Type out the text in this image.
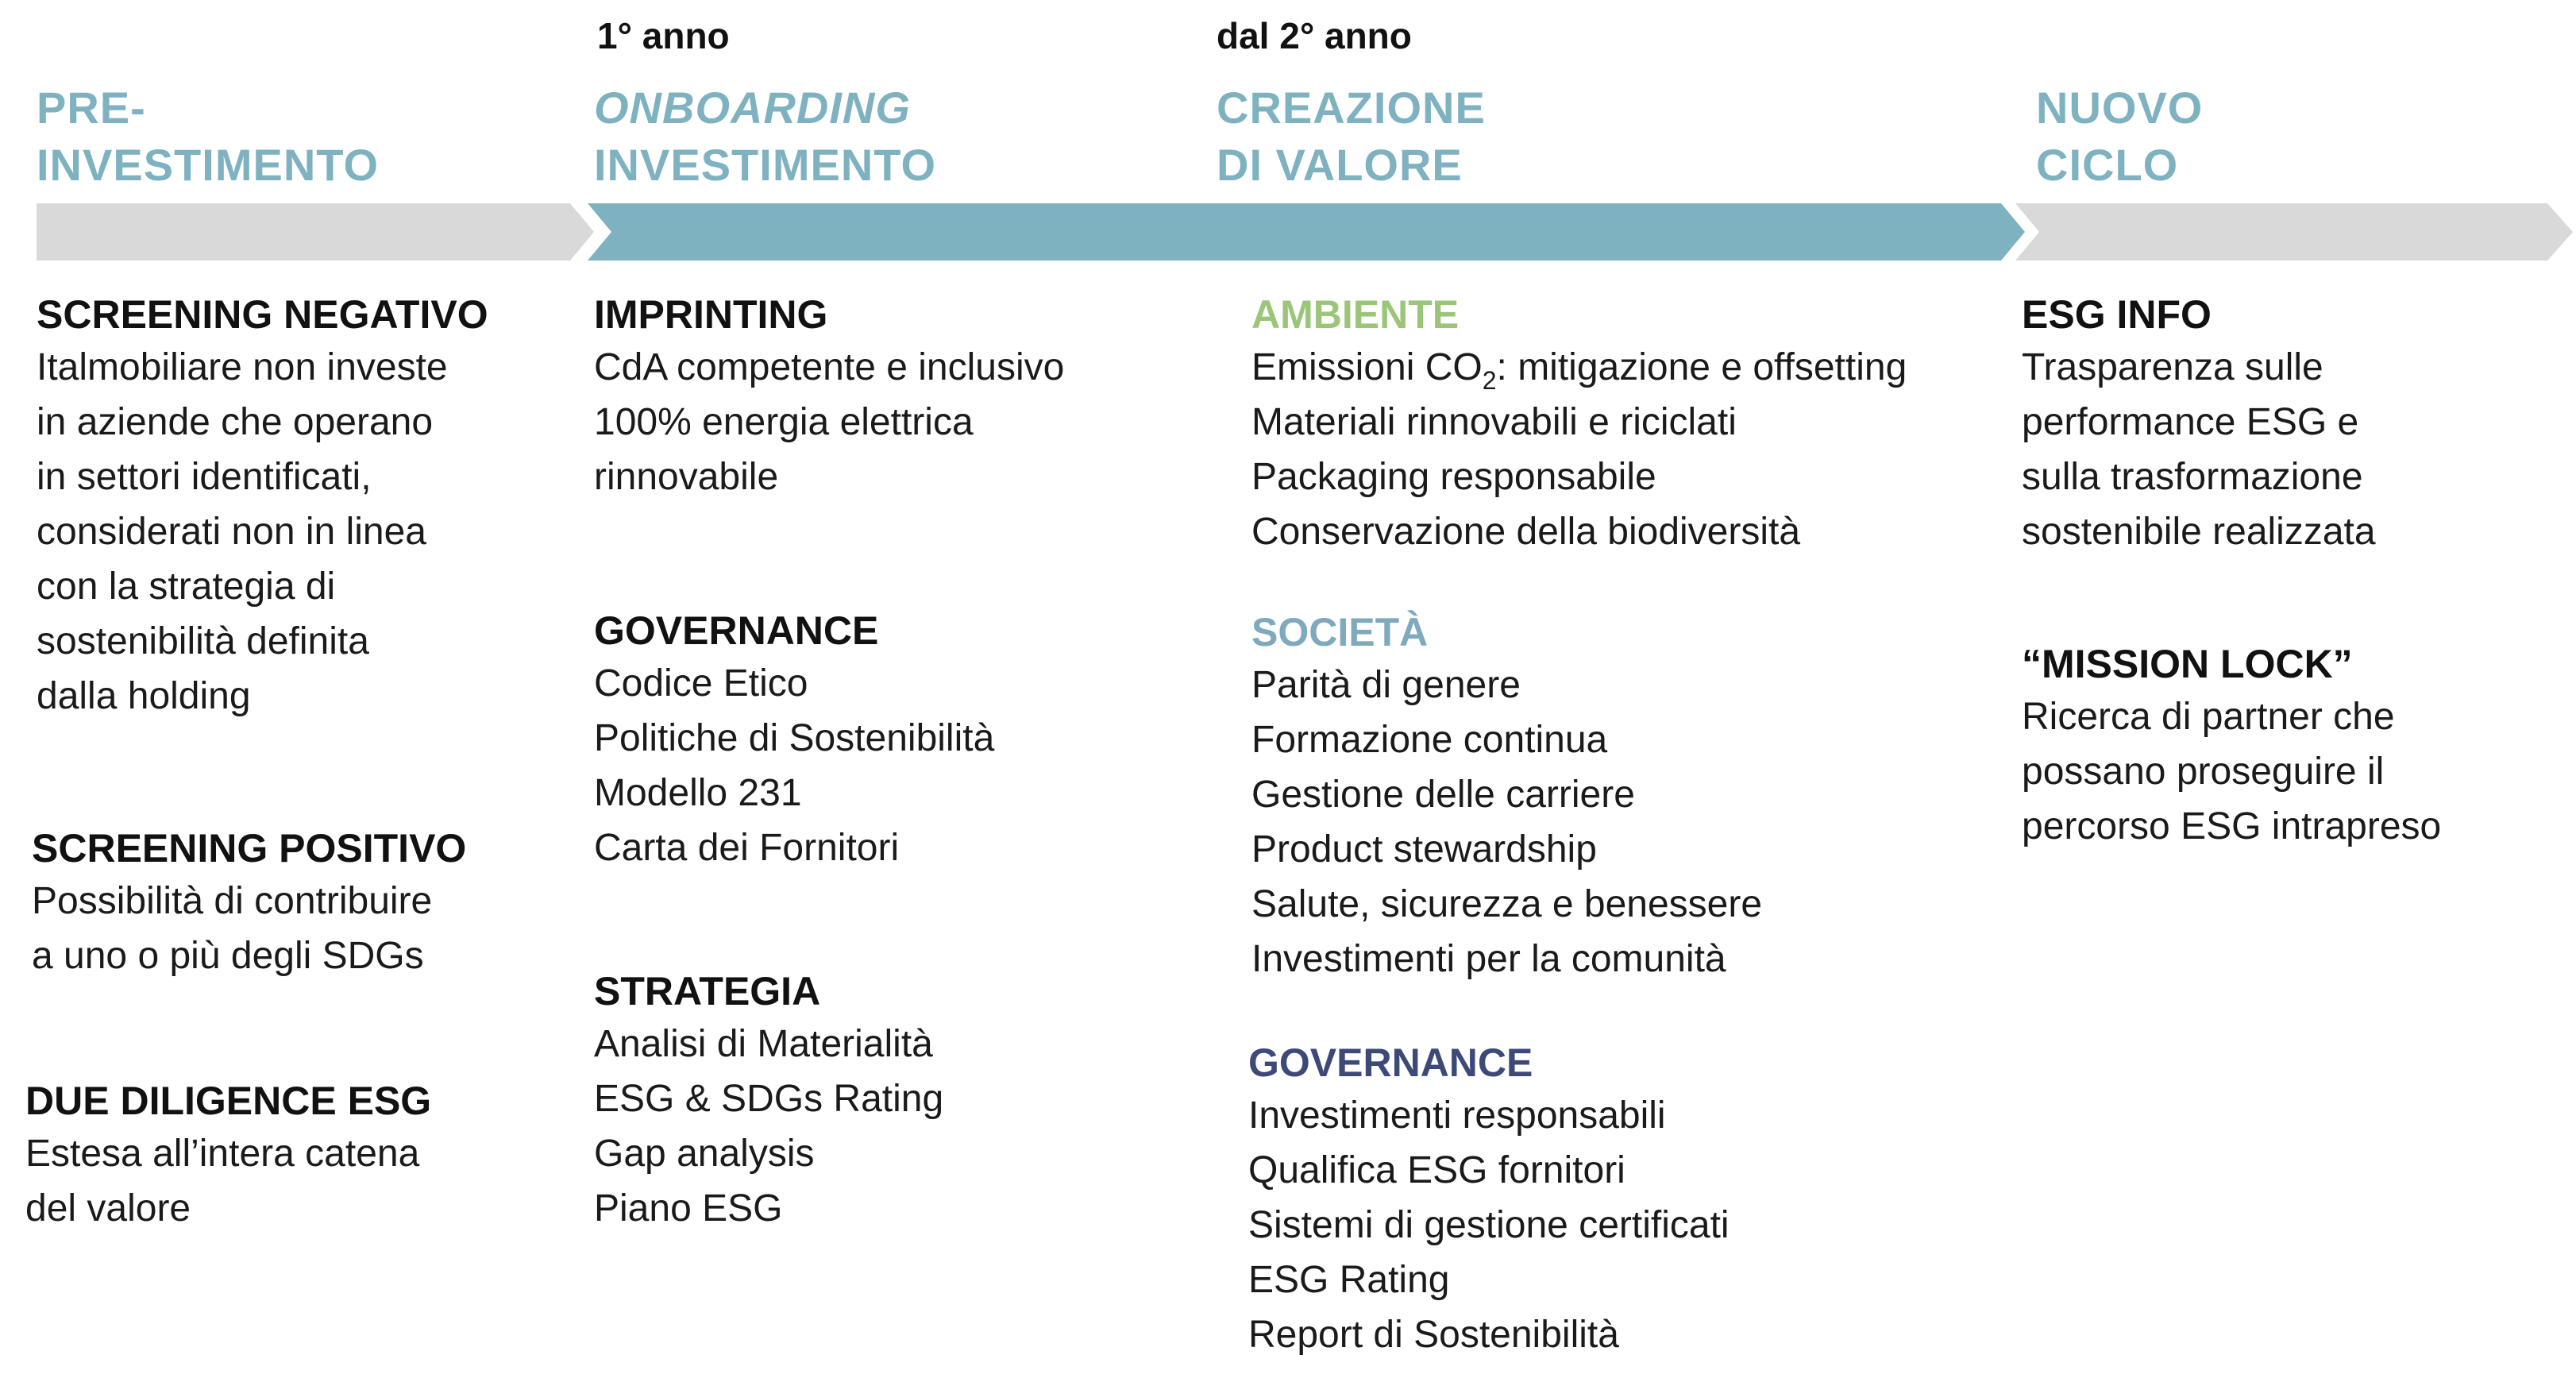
1° anno	dal 2° anno
PRE-
INVESTIMENTO
ONBOARDING
INVESTIMENTO
CREAZIONE
DI VALORE
NUOVO
CICLO
SCREENING NEGATIVO
Italmobiliare non investe
in aziende che operano
in settori identificati,
considerati non in linea
con la strategia di
sostenibilità definita
dalla holding
SCREENING POSITIVO
Possibilità di contribuire
a uno o più degli SDGs
DUE DILIGENCE ESG
Estesa all’intera catena
del valore
IMPRINTING
CdA competente e inclusivo
100% energia elettrica
rinnovabile
GOVERNANCE
Codice Etico
Politiche di Sostenibilità
Modello 231
Carta dei Fornitori
STRATEGIA
Analisi di Materialità
ESG & SDGs Rating
Gap analysis
Piano ESG
AMBIENTE
Emissioni $CO_2$: mitigazione e offsetting
Materiali rinnovabili e riciclati
Packaging responsabile
Conservazione della biodiversità
SOCIETÀ
Parità di genere
Formazione continua
Gestione delle carriere
Product stewardship
Salute, sicurezza e benessere
Investimenti per la comunità
GOVERNANCE
Investimenti responsabili
Qualifica ESG fornitori
Sistemi di gestione certificati
ESG Rating
Report di Sostenibilità
ESG INFO
Trasparenza sulle
performance ESG e
sulla trasformazione
sostenibile realizzata
“MISSION LOCK”
Ricerca di partner che
possano proseguire il
percorso ESG intrapreso
